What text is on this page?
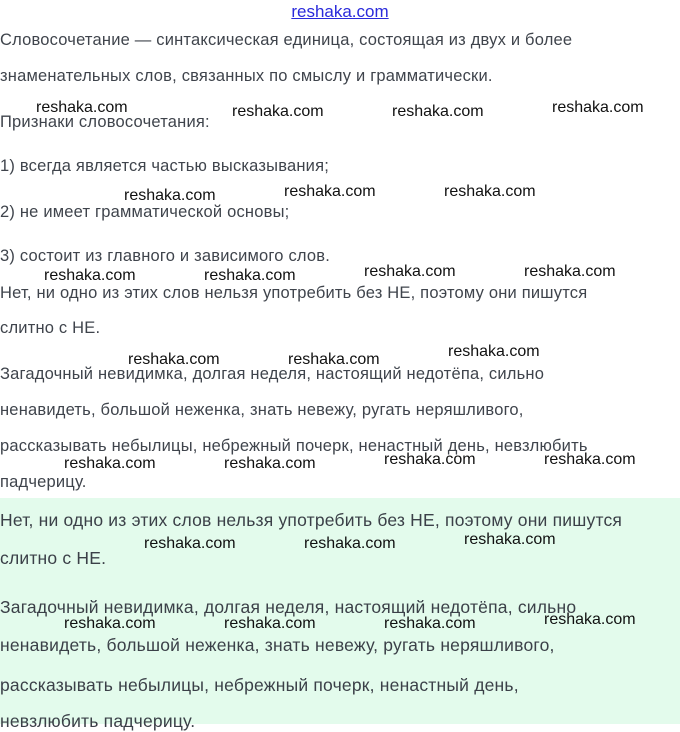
reshaka.com

Словосочетание — синтаксическая единица, состоящая из двух и более

знаменательных слов, связанных по смыслу и грамматически.

Признаки словосочетания:

1) всегда является частью высказывания;

2) не имеет грамматической основы;

3) состоит из главного и зависимого слов.

Нет, ни одно из этих слов нельзя употребить без НЕ, поэтому они пишутся

слитно с НЕ.

Загадочный невидимка, долгая неделя, настоящий недотёпа, сильно

ненавидеть, большой неженка, знать невежу, ругать неряшливого,

рассказывать небылицы, небрежный почерк, ненастный день, невзлюбить

падчерицу.

Нет, ни одно из этих слов нельзя употребить без НЕ, поэтому они пишутся

слитно с НЕ.

Загадочный невидимка, долгая неделя, настоящий недотёпа, сильно

ненавидеть, большой неженка, знать невежу, ругать неряшливого,

рассказывать небылицы, небрежный почерк, ненастный день,

невзлюбить падчерицу.

reshaka.com	reshaka.com	reshaka.com	reshaka.com
reshaka.com	reshaka.com	reshaka.com
reshaka.com	reshaka.com	reshaka.com	reshaka.com
reshaka.com	reshaka.com	reshaka.com
reshaka.com	reshaka.com	reshaka.com	reshaka.com
reshaka.com	reshaka.com	reshaka.com
reshaka.com	reshaka.com	reshaka.com	reshaka.com
